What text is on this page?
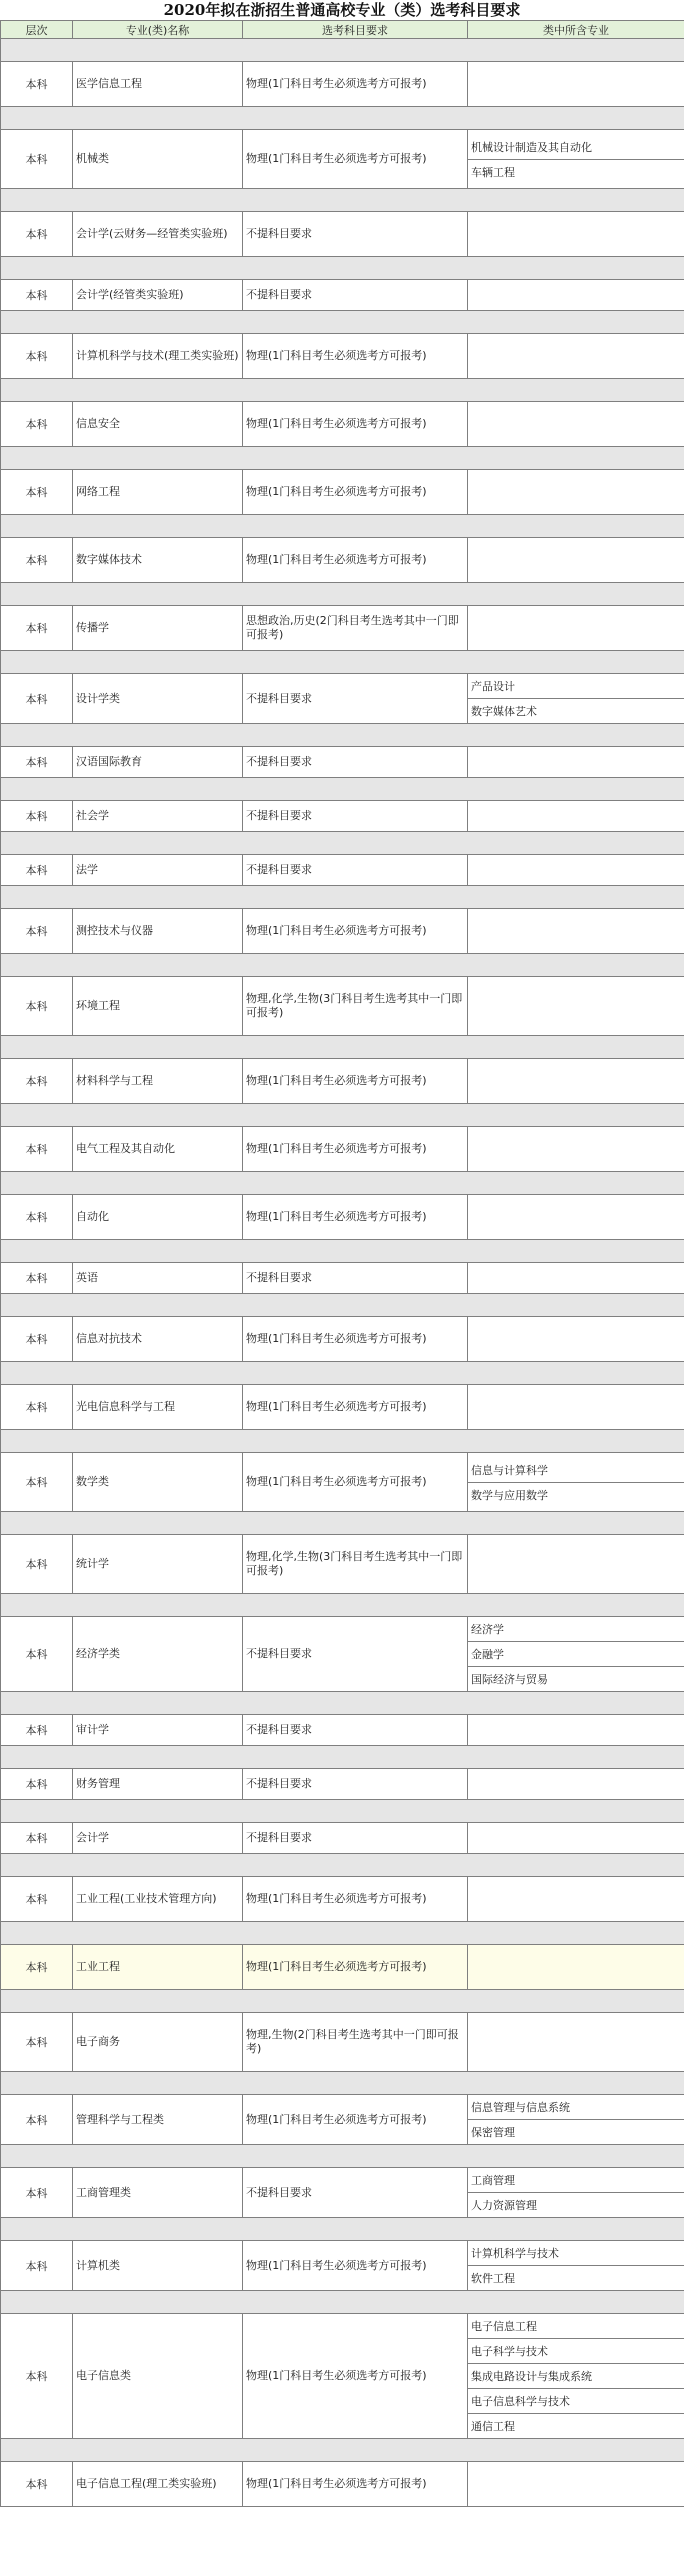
2020年拟在浙招生普通高校专业（类）选考科目要求
层次	专业(类)名称	选考科目要求	类中所含专业

本科	医学信息工程	物理(1门科目考生必须选考方可报考)	

本科	机械类	物理(1门科目考生必须选考方可报考)	机械设计制造及其自动化
车辆工程

本科	会计学(云财务—经管类实验班)	不提科目要求	

本科	会计学(经管类实验班)	不提科目要求	

本科	计算机科学与技术(理工类实验班)	物理(1门科目考生必须选考方可报考)	

本科	信息安全	物理(1门科目考生必须选考方可报考)	

本科	网络工程	物理(1门科目考生必须选考方可报考)	

本科	数字媒体技术	物理(1门科目考生必须选考方可报考)	

本科	传播学	思想政治,历史(2门科目考生选考其中一门即可报考)	

本科	设计学类	不提科目要求	产品设计
数字媒体艺术

本科	汉语国际教育	不提科目要求	

本科	社会学	不提科目要求	

本科	法学	不提科目要求	

本科	测控技术与仪器	物理(1门科目考生必须选考方可报考)	

本科	环境工程	物理,化学,生物(3门科目考生选考其中一门即可报考)	

本科	材料科学与工程	物理(1门科目考生必须选考方可报考)	

本科	电气工程及其自动化	物理(1门科目考生必须选考方可报考)	

本科	自动化	物理(1门科目考生必须选考方可报考)	

本科	英语	不提科目要求	

本科	信息对抗技术	物理(1门科目考生必须选考方可报考)	

本科	光电信息科学与工程	物理(1门科目考生必须选考方可报考)	

本科	数学类	物理(1门科目考生必须选考方可报考)	信息与计算科学
数学与应用数学

本科	统计学	物理,化学,生物(3门科目考生选考其中一门即可报考)	

本科	经济学类	不提科目要求	经济学
金融学
国际经济与贸易

本科	审计学	不提科目要求	

本科	财务管理	不提科目要求	

本科	会计学	不提科目要求	

本科	工业工程(工业技术管理方向)	物理(1门科目考生必须选考方可报考)	

本科	工业工程	物理(1门科目考生必须选考方可报考)	

本科	电子商务	物理,生物(2门科目考生选考其中一门即可报考)	

本科	管理科学与工程类	物理(1门科目考生必须选考方可报考)	信息管理与信息系统
保密管理

本科	工商管理类	不提科目要求	工商管理
人力资源管理

本科	计算机类	物理(1门科目考生必须选考方可报考)	计算机科学与技术
软件工程

本科	电子信息类	物理(1门科目考生必须选考方可报考)	电子信息工程
电子科学与技术
集成电路设计与集成系统
电子信息科学与技术
通信工程

本科	电子信息工程(理工类实验班)	物理(1门科目考生必须选考方可报考)	
